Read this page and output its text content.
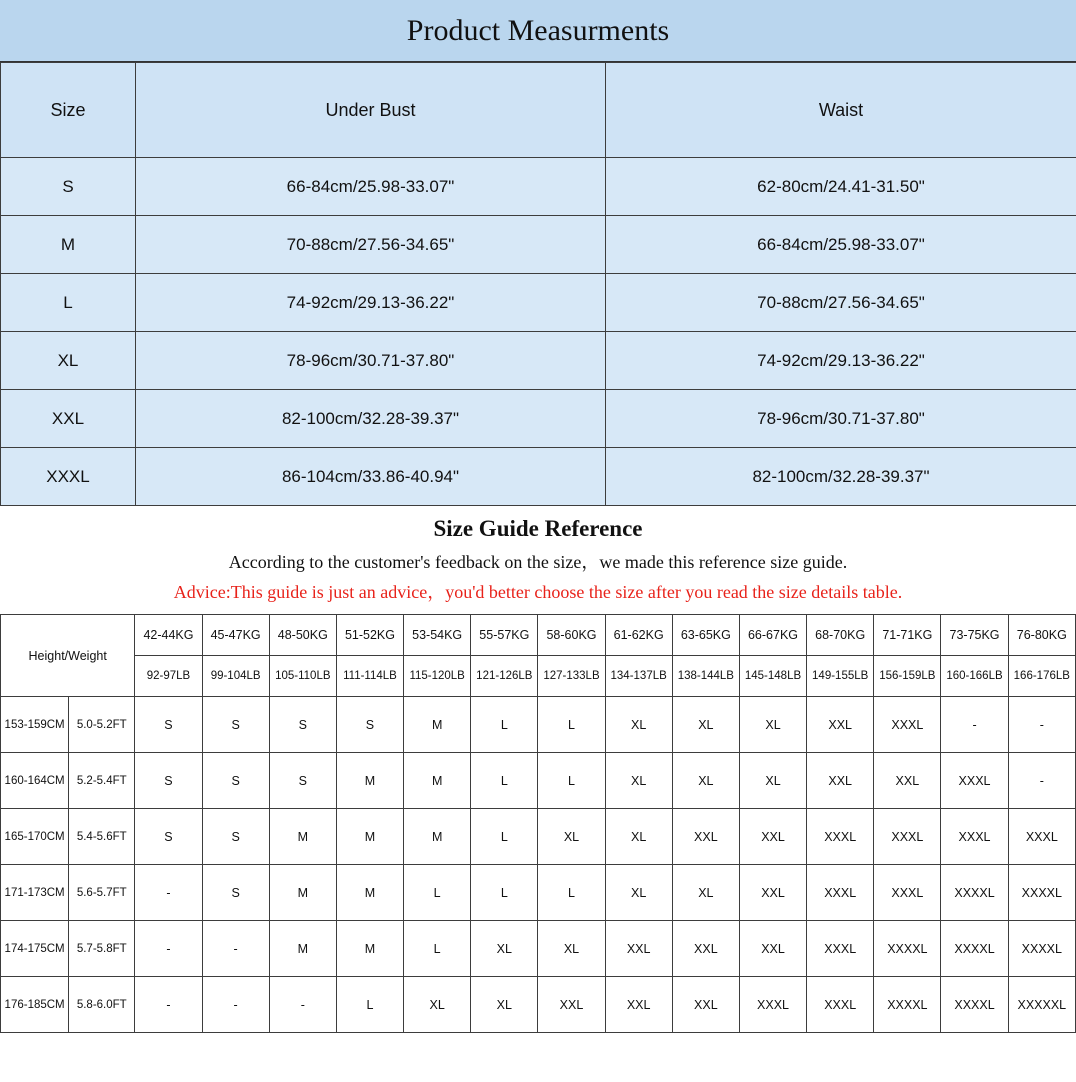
Product Measurments
Size	Under Bust	Waist
S	66-84cm/25.98-33.07"	62-80cm/24.41-31.50"
M	70-88cm/27.56-34.65"	66-84cm/25.98-33.07"
L	74-92cm/29.13-36.22"	70-88cm/27.56-34.65"
XL	78-96cm/30.71-37.80"	74-92cm/29.13-36.22"
XXL	82-100cm/32.28-39.37"	78-96cm/30.71-37.80"
XXXL	86-104cm/33.86-40.94"	82-100cm/32.28-39.37"
Size Guide Reference
According to the customer's feedback on the size，we made this reference size guide.
Advice:This guide is just an advice，you'd better choose the size after you read the size details table.
Height/Weight		42-44KG	45-47KG	48-50KG	51-52KG	53-54KG	55-57KG	58-60KG	61-62KG	63-65KG	66-67KG	68-70KG	71-71KG	73-75KG	76-80KG
		92-97LB	99-104LB	105-110LB	111-114LB	115-120LB	121-126LB	127-133LB	134-137LB	138-144LB	145-148LB	149-155LB	156-159LB	160-166LB	166-176LB
153-159CM	5.0-5.2FT	S	S	S	S	M	L	L	XL	XL	XL	XXL	XXXL	-	-
160-164CM	5.2-5.4FT	S	S	S	M	M	L	L	XL	XL	XL	XXL	XXL	XXXL	-
165-170CM	5.4-5.6FT	S	S	M	M	M	L	XL	XL	XXL	XXL	XXXL	XXXL	XXXL	XXXL
171-173CM	5.6-5.7FT	-	S	M	M	L	L	L	XL	XL	XXL	XXXL	XXXL	XXXXL	XXXXL
174-175CM	5.7-5.8FT	-	-	M	M	L	XL	XL	XXL	XXL	XXL	XXXL	XXXXL	XXXXL	XXXXL
176-185CM	5.8-6.0FT	-	-	-	L	XL	XL	XXL	XXL	XXL	XXXL	XXXL	XXXXL	XXXXL	XXXXXL
